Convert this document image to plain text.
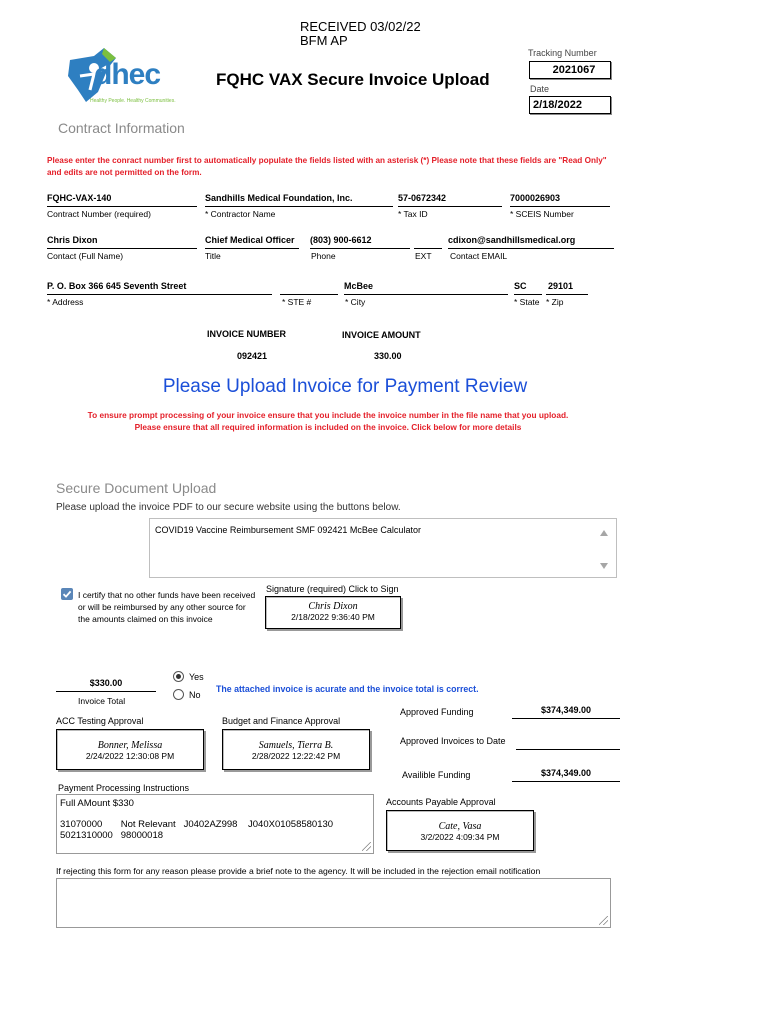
RECEIVED 03/02/22
BFM AP
dhec
Healthy People. Healthy Communities.
FQHC VAX Secure Invoice Upload
Tracking Number
2021067
Date
2/18/2022
Contract Information
Please enter the conract number first to automatically populate the fields listed with an asterisk (*) Please note that these fields are "Read Only" and edits are not permitted on the form.
FQHC-VAX-140
Contract Number (required)
Sandhills Medical Foundation, Inc.
* Contractor Name
57-0672342
* Tax ID
7000026903
* SCEIS Number
Chris Dixon
Contact (Full Name)
Chief Medical Officer
Title
(803) 900-6612
Phone	EXT
cdixon@sandhillsmedical.org
Contact EMAIL
P. O. Box 366 645 Seventh Street
* Address	* STE #
McBee
* City
SC
* State
29101
* Zip
INVOICE NUMBER
092421
INVOICE AMOUNT
330.00
Please Upload Invoice for Payment Review
To ensure prompt processing of your invoice ensure that you include the invoice number in the file name that you upload.
Please ensure that all required information is included on the invoice. Click below for more details
Secure Document Upload
Please upload the invoice PDF to our secure website using the buttons below.
COVID19 Vaccine Reimbursement SMF 092421 McBee Calculator
I certify that no other funds have been received or will be reimbursed by any other source for the amounts claimed on this invoice
Signature (required) Click to Sign
Chris Dixon
2/18/2022 9:36:40 PM
$330.00
Invoice Total
Yes
No
The attached invoice is acurate and the invoice total is correct.
ACC Testing Approval
Bonner, Melissa
2/24/2022 12:30:08 PM
Budget and Finance Approval
Samuels, Tierra B.
2/28/2022 12:22:42 PM
Approved Funding	$374,349.00
Approved Invoices to Date
Availible Funding	$374,349.00
Payment Processing Instructions
Full AMount $330
31070000       Not Relevant   J0402AZ998    J040X01058580130
5021310000   98000018
Accounts Payable Approval
Cate, Vasa
3/2/2022 4:09:34 PM
If rejecting this form for any reason please provide a brief note to the agency. It will be included in the rejection email notification
